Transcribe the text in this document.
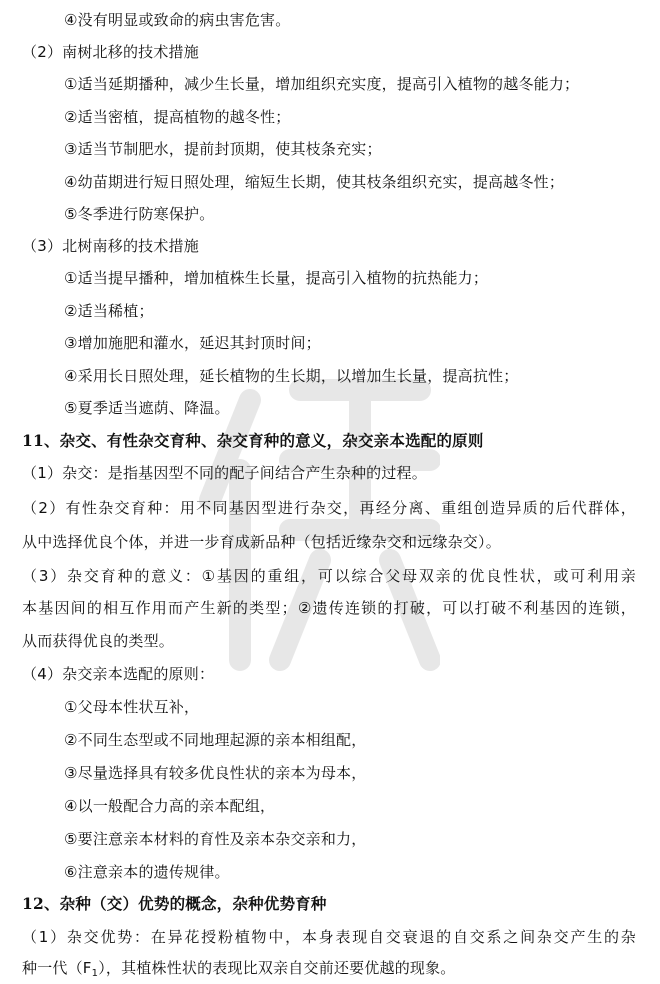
④没有明显或致命的病虫害危害。
（2）南树北移的技术措施
①适当延期播种，减少生长量，增加组织充实度，提高引入植物的越冬能力；
②适当密植，提高植物的越冬性；
③适当节制肥水，提前封顶期，使其枝条充实；
④幼苗期进行短日照处理，缩短生长期，使其枝条组织充实，提高越冬性；
⑤冬季进行防寒保护。
（3）北树南移的技术措施
①适当提早播种，增加植株生长量，提高引入植物的抗热能力；
②适当稀植；
③增加施肥和灌水，延迟其封顶时间；
④采用长日照处理，延长植物的生长期，以增加生长量，提高抗性；
⑤夏季适当遮荫、降温。
11、杂交、有性杂交育种、杂交育种的意义，杂交亲本选配的原则
（1）杂交：是指基因型不同的配子间结合产生杂种的过程。
（2）有性杂交育种：用不同基因型进行杂交，再经分离、重组创造异质的后代群体，
从中选择优良个体，并进一步育成新品种（包括近缘杂交和远缘杂交）。
（3）杂交育种的意义：①基因的重组，可以综合父母双亲的优良性状，或可利用亲
本基因间的相互作用而产生新的类型；②遗传连锁的打破，可以打破不利基因的连锁，
从而获得优良的类型。
（4）杂交亲本选配的原则：
①父母本性状互补，
②不同生态型或不同地理起源的亲本相组配，
③尽量选择具有较多优良性状的亲本为母本，
④以一般配合力高的亲本配组，
⑤要注意亲本材料的育性及亲本杂交亲和力，
⑥注意亲本的遗传规律。
12、杂种（交）优势的概念，杂种优势育种
（1）杂交优势：在异花授粉植物中，本身表现自交衰退的自交系之间杂交产生的杂
种一代$(F_1)$，其植株性状的表现比双亲自交前还要优越的现象。
